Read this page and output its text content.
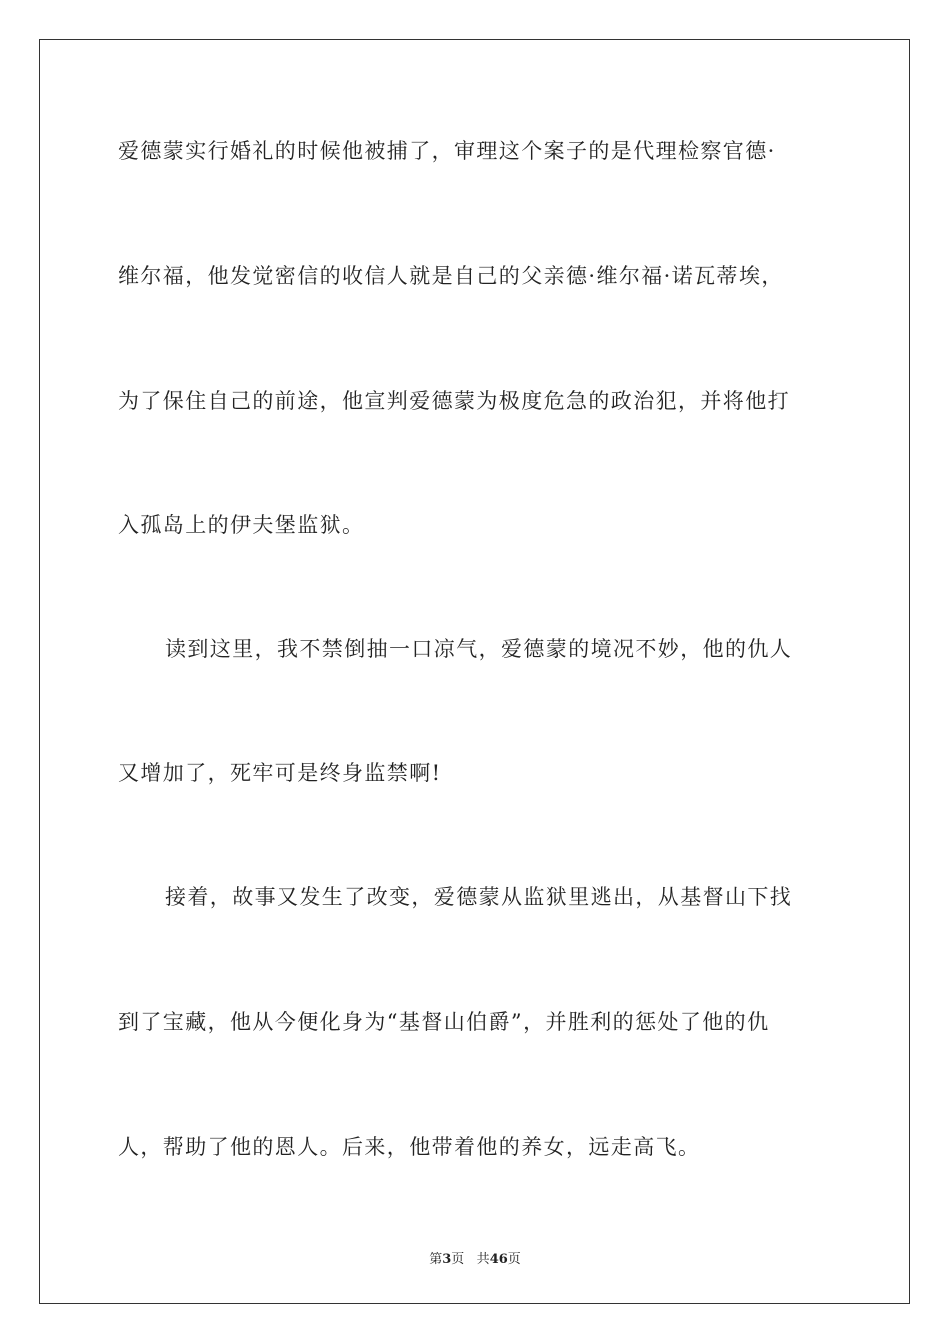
爱德蒙实行婚礼的时候他被捕了，审理这个案子的是代理检察官德·
维尔福，他发觉密信的收信人就是自己的父亲德·维尔福·诺瓦蒂埃，
为了保住自己的前途，他宣判爱德蒙为极度危急的政治犯，并将他打
入孤岛上的伊夫堡监狱。
读到这里，我不禁倒抽一口凉气，爱德蒙的境况不妙，他的仇人
又增加了，死牢可是终身监禁啊!
接着，故事又发生了改变，爱德蒙从监狱里逃出，从基督山下找
到了宝藏，他从今便化身为“基督山伯爵”，并胜利的惩处了他的仇
人，帮助了他的恩人。后来，他带着他的养女，远走高飞。
第3页 共46页
